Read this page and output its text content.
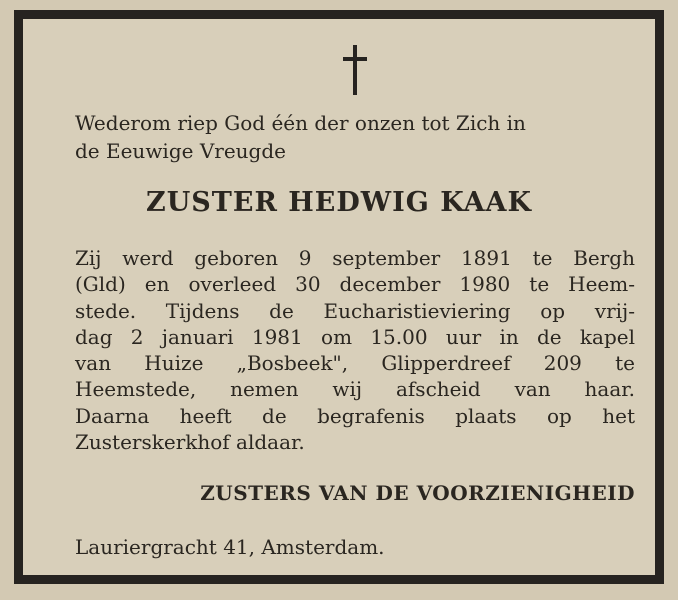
Wederom riep God één der onzen tot Zich in
de Eeuwige Vreugde

ZUSTER HEDWIG KAAK

Zij werd geboren 9 september 1891 te Bergh
(Gld) en overleed 30 december 1980 te Heem-
stede. Tijdens de Eucharistieviering op vrij-
dag 2 januari 1981 om 15.00 uur in de kapel
van Huize „Bosbeek", Glipperdreef 209 te
Heemstede, nemen wij afscheid van haar.
Daarna heeft de begrafenis plaats op het
Zusterskerkhof aldaar.

ZUSTERS VAN DE VOORZIENIGHEID

Lauriergracht 41, Amsterdam.
